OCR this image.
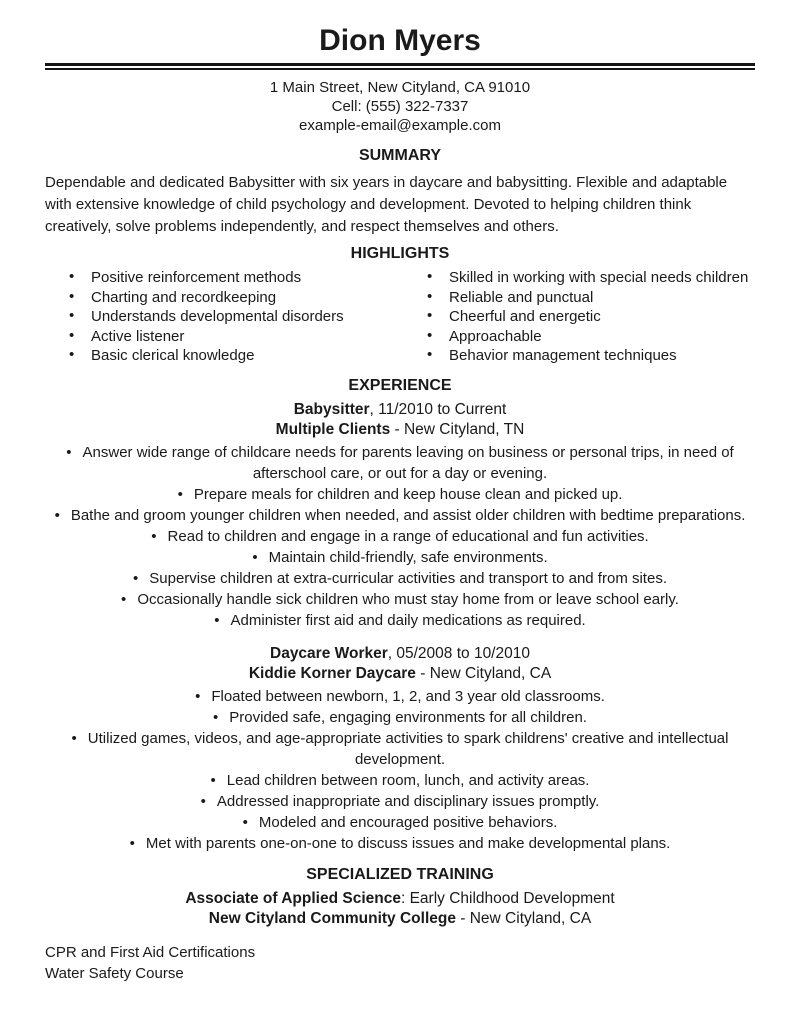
Dion Myers
1 Main Street, New Cityland, CA 91010
Cell: (555) 322-7337
example-email@example.com
SUMMARY
Dependable and dedicated Babysitter with six years in daycare and babysitting. Flexible and adaptable with extensive knowledge of child psychology and development. Devoted to helping children think creatively, solve problems independently, and respect themselves and others.
HIGHLIGHTS
• Positive reinforcement methods
• Charting and recordkeeping
• Understands developmental disorders
• Active listener
• Basic clerical knowledge
• Skilled in working with special needs children
• Reliable and punctual
• Cheerful and energetic
• Approachable
• Behavior management techniques
EXPERIENCE
Babysitter, 11/2010 to Current
Multiple Clients - New Cityland, TN
• Answer wide range of childcare needs for parents leaving on business or personal trips, in need of afterschool care, or out for a day or evening.
• Prepare meals for children and keep house clean and picked up.
• Bathe and groom younger children when needed, and assist older children with bedtime preparations.
• Read to children and engage in a range of educational and fun activities.
• Maintain child-friendly, safe environments.
• Supervise children at extra-curricular activities and transport to and from sites.
• Occasionally handle sick children who must stay home from or leave school early.
• Administer first aid and daily medications as required.
Daycare Worker, 05/2008 to 10/2010
Kiddie Korner Daycare - New Cityland, CA
• Floated between newborn, 1, 2, and 3 year old classrooms.
• Provided safe, engaging environments for all children.
• Utilized games, videos, and age-appropriate activities to spark childrens' creative and intellectual development.
• Lead children between room, lunch, and activity areas.
• Addressed inappropriate and disciplinary issues promptly.
• Modeled and encouraged positive behaviors.
• Met with parents one-on-one to discuss issues and make developmental plans.
SPECIALIZED TRAINING
Associate of Applied Science: Early Childhood Development
New Cityland Community College - New Cityland, CA
CPR and First Aid Certifications
Water Safety Course
